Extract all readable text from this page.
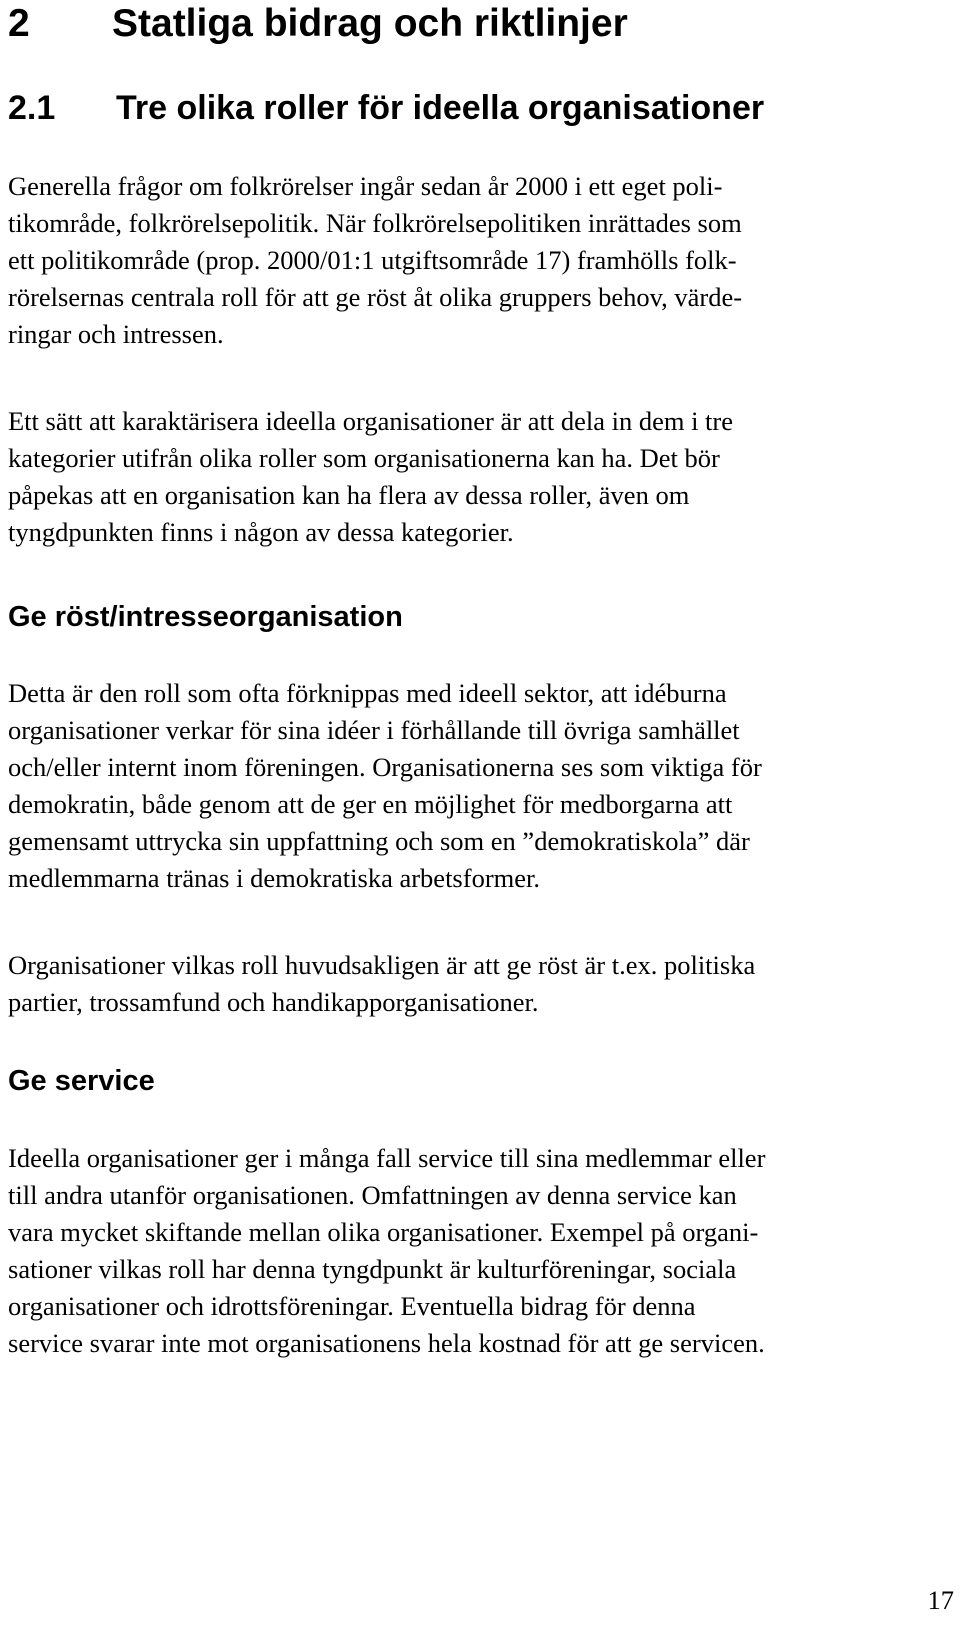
2 Statliga bidrag och riktlinjer
2.1 Tre olika roller för ideella organisationer

Generella frågor om folkrörelser ingår sedan år 2000 i ett eget poli-
tikområde, folkrörelsepolitik. När folkrörelsepolitiken inrättades som
ett politikområde (prop. 2000/01:1 utgiftsområde 17) framhölls folk-
rörelsernas centrala roll för att ge röst åt olika gruppers behov, värde-
ringar och intressen.

Ett sätt att karaktärisera ideella organisationer är att dela in dem i tre
kategorier utifrån olika roller som organisationerna kan ha. Det bör
påpekas att en organisation kan ha flera av dessa roller, även om
tyngdpunkten finns i någon av dessa kategorier.

Ge röst/intresseorganisation

Detta är den roll som ofta förknippas med ideell sektor, att idéburna
organisationer verkar för sina idéer i förhållande till övriga samhället
och/eller internt inom föreningen. Organisationerna ses som viktiga för
demokratin, både genom att de ger en möjlighet för medborgarna att
gemensamt uttrycka sin uppfattning och som en ”demokratiskola” där
medlemmarna tränas i demokratiska arbetsformer.

Organisationer vilkas roll huvudsakligen är att ge röst är t.ex. politiska
partier, trossamfund och handikapporganisationer.

Ge service

Ideella organisationer ger i många fall service till sina medlemmar eller
till andra utanför organisationen. Omfattningen av denna service kan
vara mycket skiftande mellan olika organisationer. Exempel på organi-
sationer vilkas roll har denna tyngdpunkt är kulturföreningar, sociala
organisationer och idrottsföreningar. Eventuella bidrag för denna
service svarar inte mot organisationens hela kostnad för att ge servicen.

17
